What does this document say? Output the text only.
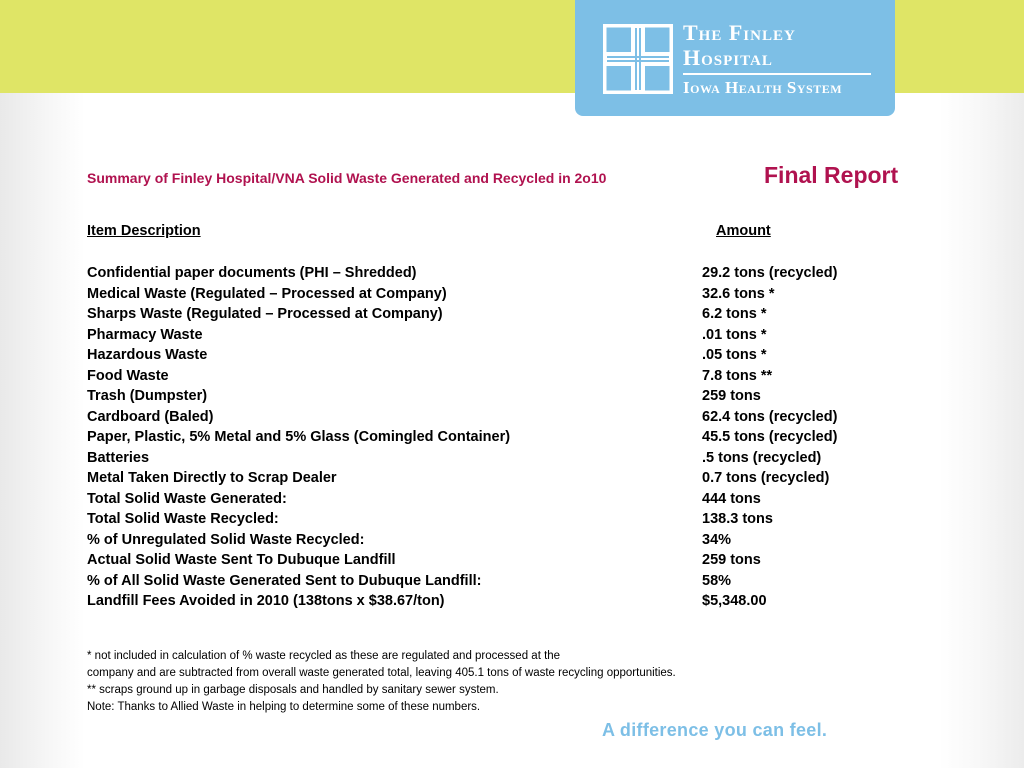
The Finley
Hospital
Iowa Health System
Summary of Finley Hospital/VNA Solid Waste Generated and Recycled in 2o10	Final Report
Item Description	Amount
Confidential paper documents (PHI – Shredded)	29.2 tons (recycled)
Medical Waste (Regulated – Processed at Company)	32.6 tons *
Sharps Waste (Regulated – Processed at Company)	6.2 tons *
Pharmacy Waste	.01 tons *
Hazardous Waste	.05 tons *
Food Waste	7.8 tons **
Trash (Dumpster)	259 tons
Cardboard (Baled)	62.4 tons (recycled)
Paper, Plastic, 5% Metal and 5% Glass (Comingled Container)	45.5 tons (recycled)
Batteries	.5 tons (recycled)
Metal Taken Directly to Scrap Dealer	0.7 tons (recycled)
Total Solid Waste Generated:	444 tons
Total Solid Waste Recycled:	138.3 tons
% of Unregulated Solid Waste Recycled:	34%
Actual Solid Waste Sent To Dubuque Landfill	259 tons
% of All Solid Waste Generated Sent to Dubuque Landfill:	58%
Landfill Fees Avoided in 2010 (138tons x $38.67/ton)	$5,348.00
* not included in calculation of % waste recycled as these are regulated and processed at the
company and are subtracted from overall waste generated total, leaving 405.1 tons of waste recycling opportunities.
** scraps ground up in garbage disposals and handled by sanitary sewer system.
Note: Thanks to Allied Waste in helping to determine some of these numbers.
A difference you can feel.
